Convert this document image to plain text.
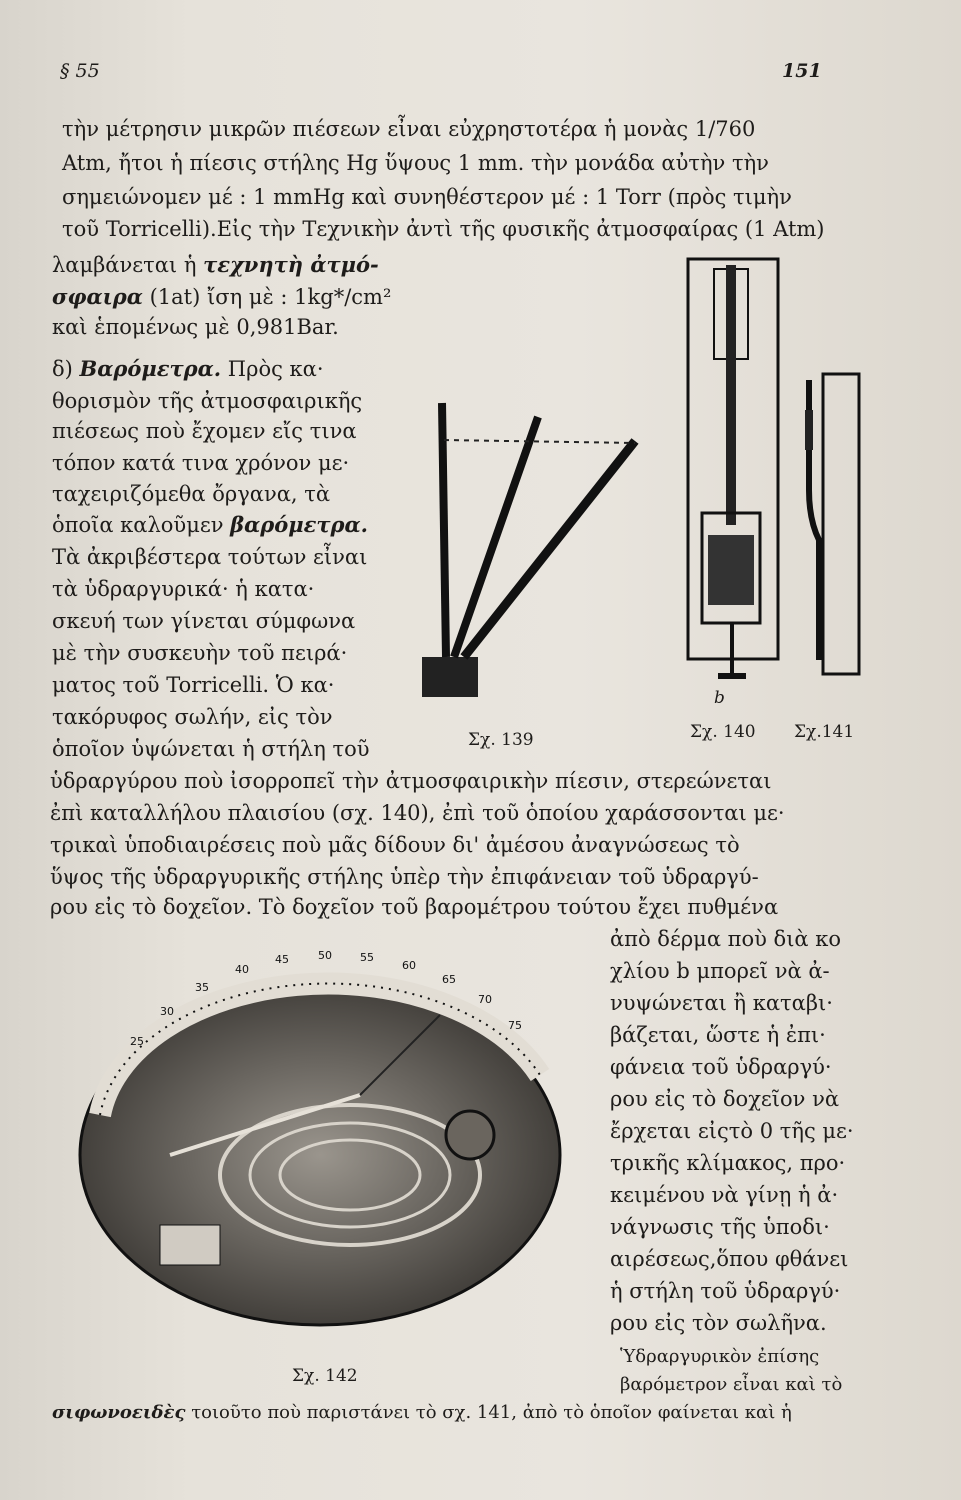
§ 55	151
τὴν μέτρησιν μικρῶν πιέσεων εἶναι εὐχρηστοτέρα ἡ μονὰς 1/760
Atm, ἤτοι ἡ πίεσις στήλης Hg ὕψους 1 mm. τὴν μονάδα αὐτὴν τὴν
σημειώνομεν μέ : 1 mmHg καὶ συνηθέστερον μέ : 1 Torr (πρὸς τιμὴν
τοῦ Torricelli).Εἰς τὴν Τεχνικὴν ἀντὶ τῆς φυσικῆς ἀτμοσφαίρας (1 Atm)
λαμβάνεται ἡ τεχνητὴ ἀτμό-
σφαιρα (1at) ἴση μὲ : 1kg*/cm²
καὶ ἑπομένως μὲ 0,981Bar.
δ) Βαρόμετρα. Πρὸς κα·
θορισμὸν τῆς ἀτμοσφαιρικῆς
πιέσεως ποὺ ἔχομεν εἴς τινα
τόπον κατά τινα χρόνον με·
ταχειριζόμεθα ὄργανα, τὰ
ὁποῖα καλοῦμεν βαρόμετρα.
Τὰ ἀκριβέστερα τούτων εἶναι
τὰ ὑδραργυρικά· ἡ κατα·
σκευή των γίνεται σύμφωνα
μὲ τὴν συσκευὴν τοῦ πειρά·
ματος τοῦ Torricelli. Ὁ κα·
τακόρυφος σωλήν, εἰς τὸν
ὁποῖον ὑψώνεται ἡ στήλη τοῦ
ὑδραργύρου ποὺ ἰσορροπεῖ τὴν ἀτμοσφαιρικὴν πίεσιν, στερεώνεται
ἐπὶ καταλλήλου πλαισίου (σχ. 140), ἐπὶ τοῦ ὁποίου χαράσσονται με·
τρικαὶ ὑποδιαιρέσεις ποὺ μᾶς δίδουν δι' ἀμέσου ἀναγνώσεως τὸ
ὕψος τῆς ὑδραργυρικῆς στήλης ὑπὲρ τὴν ἐπιφάνειαν τοῦ ὑδραργύ-
ρου εἰς τὸ δοχεῖον. Τὸ δοχεῖον τοῦ βαρομέτρου τούτου ἔχει πυθμένα
ἀπὸ δέρμα ποὺ διὰ κο
χλίου b μπορεῖ νὰ ἀ-
νυψώνεται ἢ καταβι·
βάζεται, ὥστε ἡ ἐπι·
φάνεια τοῦ ὑδραργύ·
ρου εἰς τὸ δοχεῖον νὰ
ἔρχεται εἰςτὸ 0 τῆς με·
τρικῆς κλίμακος, προ·
κειμένου νὰ γίνῃ ἡ ἀ·
νάγνωσις τῆς ὑποδι·
αιρέσεως,ὅπου φθάνει
ἡ στήλη τοῦ ὑδραργύ·
ρου εἰς τὸν σωλῆνα.
Ὑδραργυρικὸν ἐπίσης
βαρόμετρον εἶναι καὶ τὸ
σιφωνοειδὲς τοιοῦτο ποὺ παριστάνει τὸ σχ. 141, ἀπὸ τὸ ὁποῖον φαίνεται καὶ ἡ
Σχ. 139
b
Σχ. 140 Σχ.141
25
30
35
40
45	50	55
60
65
70
75
Σχ. 142
